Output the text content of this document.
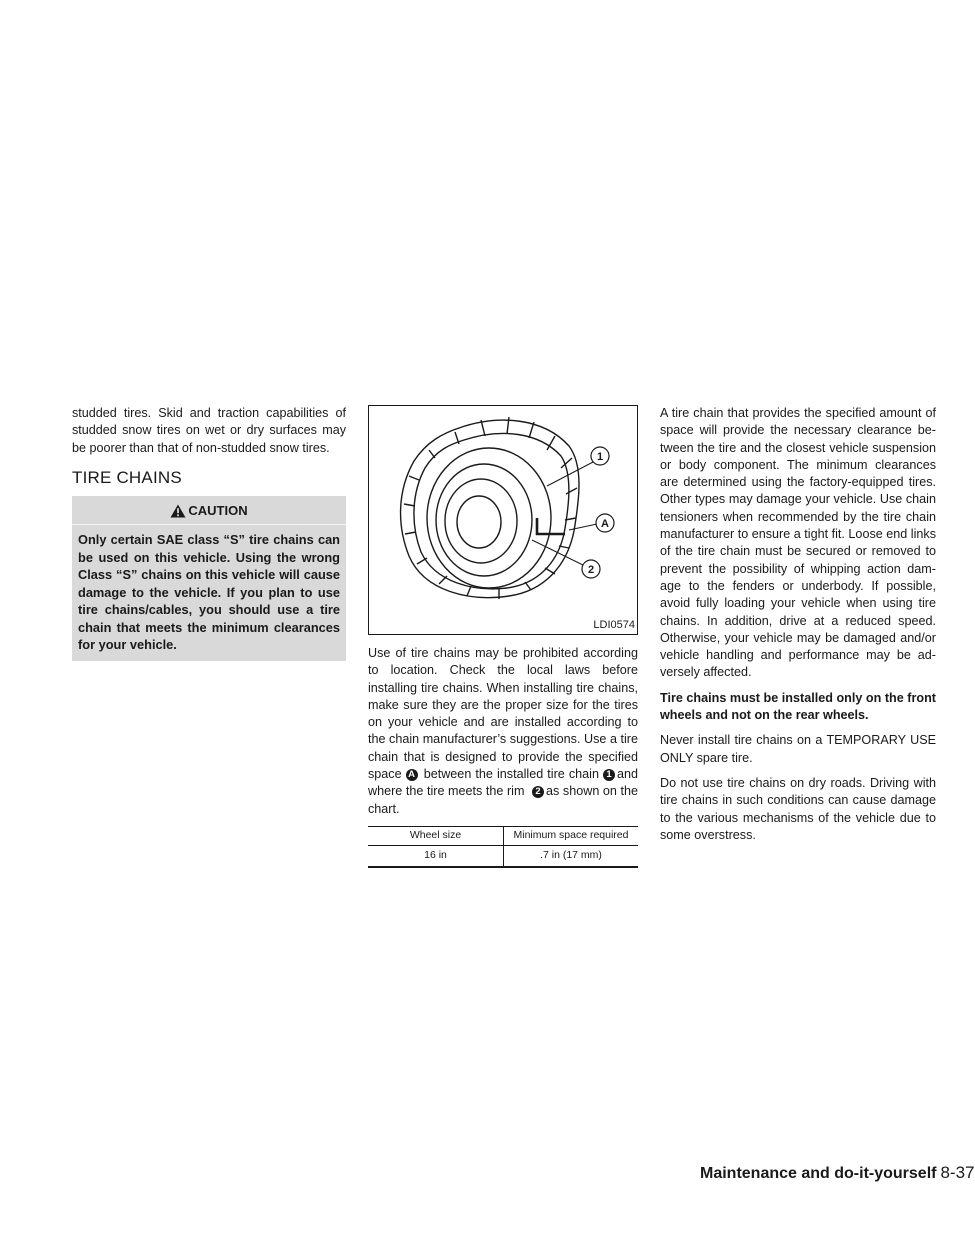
studded tires. Skid and traction capabilities of studded snow tires on wet or dry surfaces may be poorer than that of non-studded snow tires.

TIRE CHAINS
CAUTION
Only certain SAE class “S” tire chains can be used on this vehicle. Using the wrong Class “S” chains on this vehicle will cause damage to the vehicle. If you plan to use tire chains/cables, you should use a tire chain that meets the minimum clearances for your vehicle.
1
A
2
LDI0574

Use of tire chains may be prohibited according to location. Check the local laws before installing tire chains. When installing tire chains, make sure they are the proper size for the tires on your vehicle and are installed according to the chain manufacturer’s suggestions. Use a tire chain that is designed to provide the specified space A between the installed tire chain 1 and where the tire meets the rim 2 as shown on the chart.

Wheel size	Minimum space required
16 in	.7 in (17 mm)

A tire chain that provides the specified amount of space will provide the necessary clearance be-tween the tire and the closest vehicle suspension or body component. The minimum clearances are determined using the factory-equipped tires. Other types may damage your vehicle. Use chain tensioners when recommended by the tire chain manufacturer to ensure a tight fit. Loose end links of the tire chain must be secured or removed to prevent the possibility of whipping action dam-age to the fenders or underbody. If possible, avoid fully loading your vehicle when using tire chains. In addition, drive at a reduced speed. Otherwise, your vehicle may be damaged and/or vehicle handling and performance may be ad-versely affected.

Tire chains must be installed only on the front wheels and not on the rear wheels.

Never install tire chains on a TEMPORARY USE ONLY spare tire.

Do not use tire chains on dry roads. Driving with tire chains in such conditions can cause damage to the various mechanisms of the vehicle due to some overstress.

Maintenance and do-it-yourself 8-37
